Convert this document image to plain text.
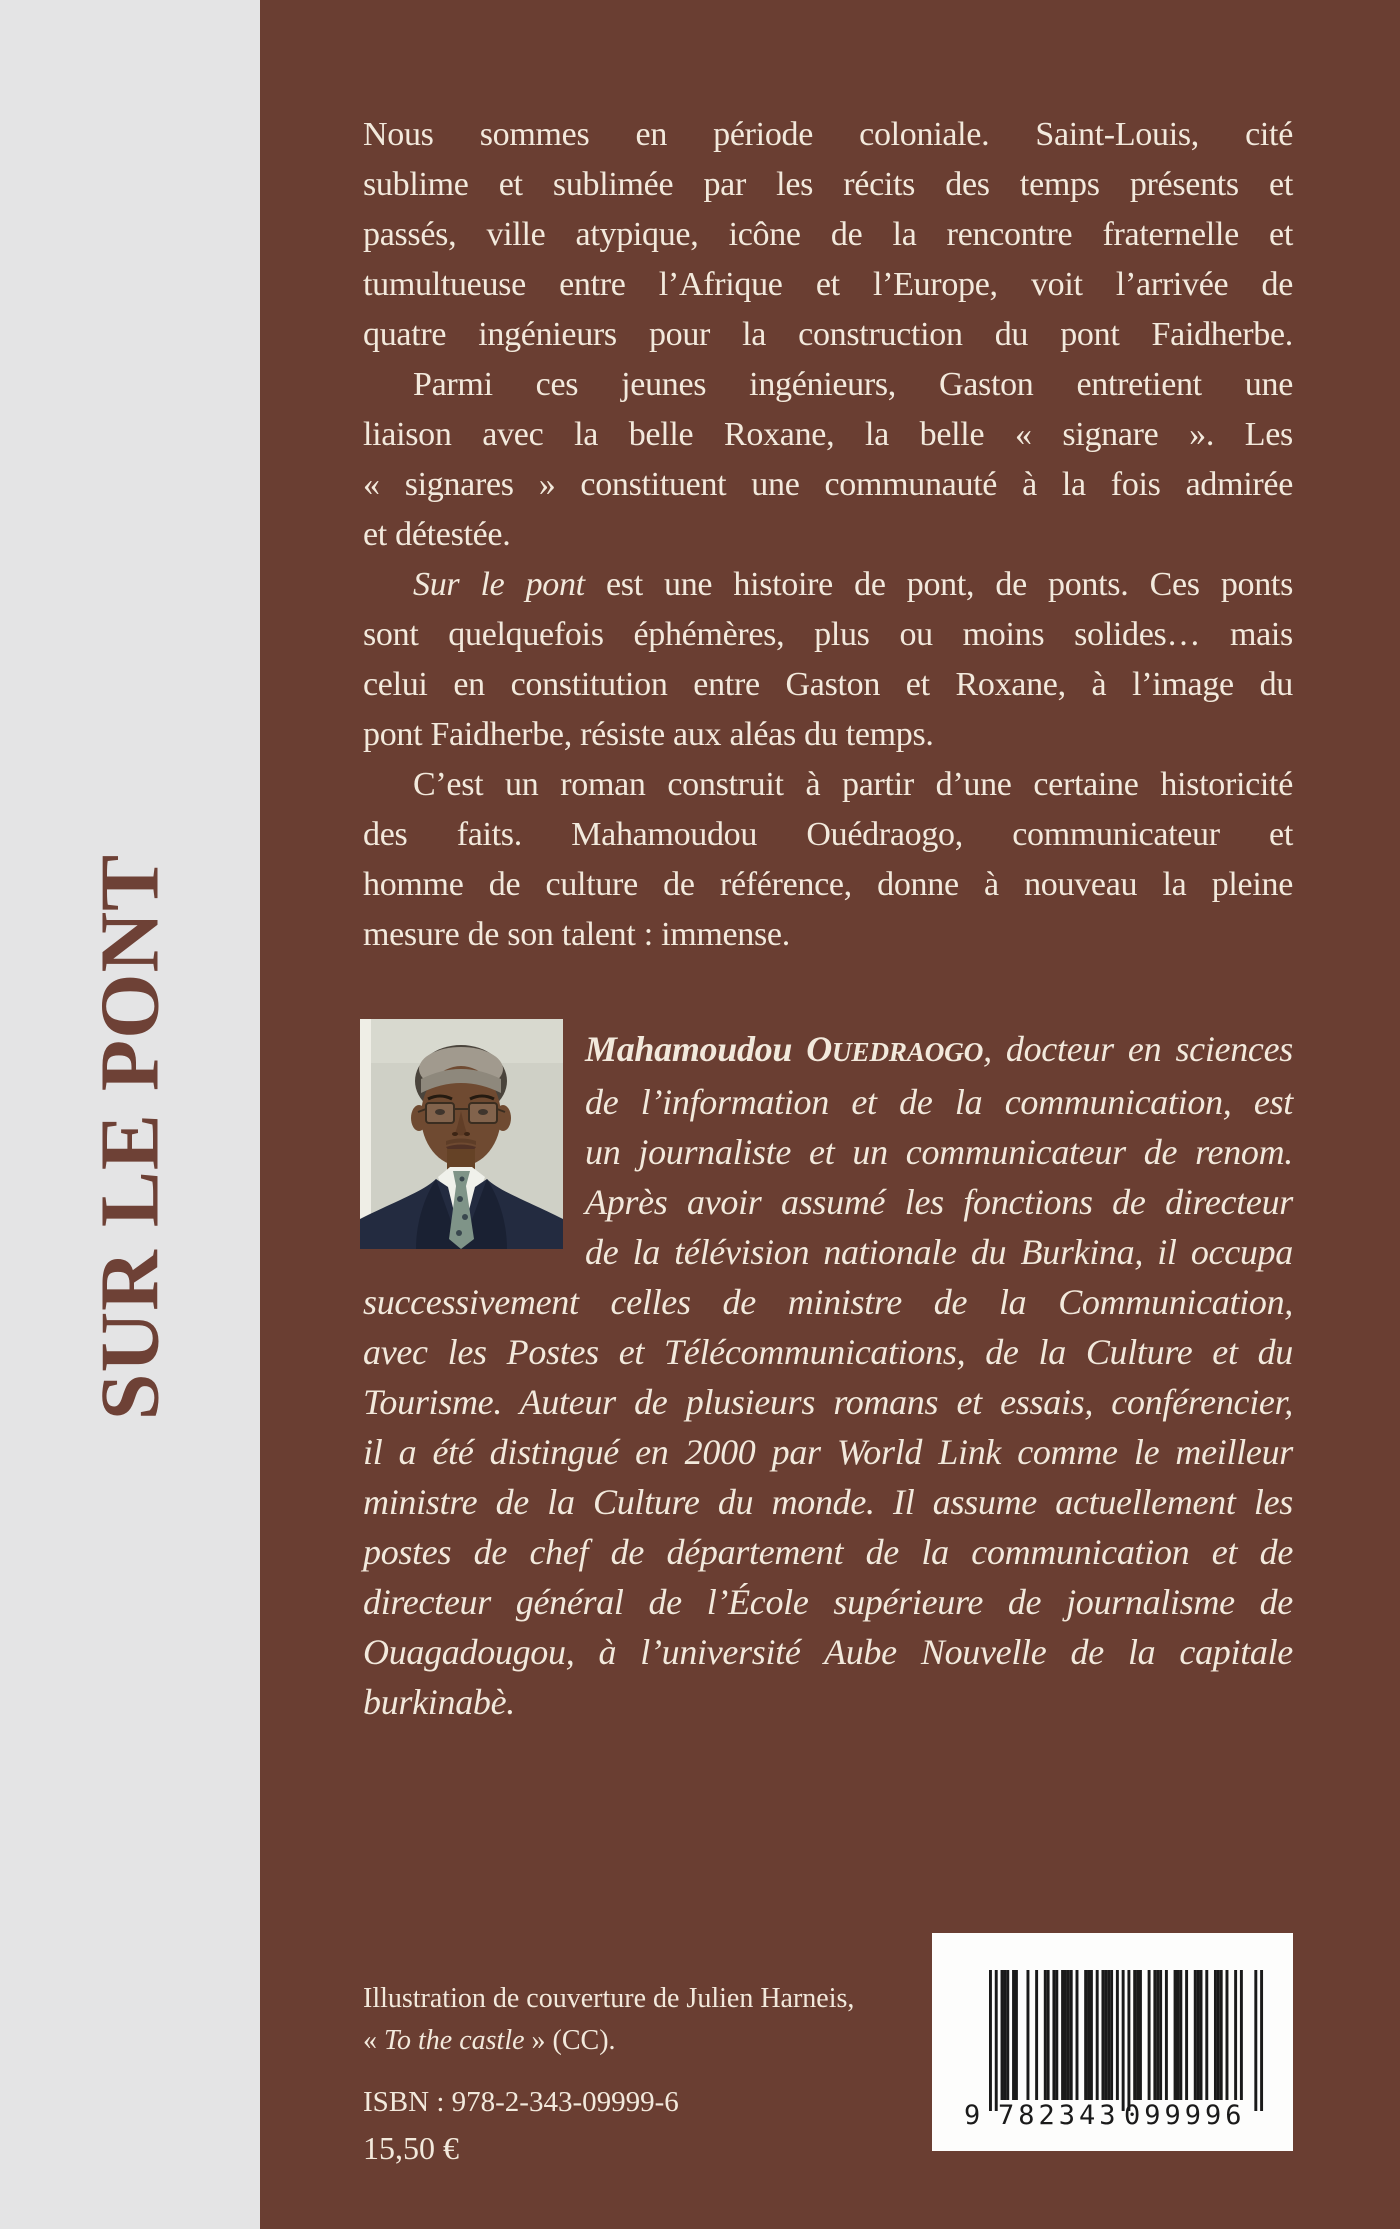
SUR LE PONT
Nous sommes en période coloniale. Saint-Louis, cité
sublime et sublimée par les récits des temps présents et
passés, ville atypique, icône de la rencontre fraternelle et
tumultueuse entre l’Afrique et l’Europe, voit l’arrivée de
quatre ingénieurs pour la construction du pont Faidherbe.
Parmi ces jeunes ingénieurs, Gaston entretient une
liaison avec la belle Roxane, la belle « signare ». Les
« signares » constituent une communauté à la fois admirée
et détestée.
Sur le pont est une histoire de pont, de ponts. Ces ponts
sont quelquefois éphémères, plus ou moins solides… mais
celui en constitution entre Gaston et Roxane, à l’image du
pont Faidherbe, résiste aux aléas du temps.
C’est un roman construit à partir d’une certaine historicité
des faits. Mahamoudou Ouédraogo, communicateur et
homme de culture de référence, donne à nouveau la pleine
mesure de son talent : immense.
Mahamoudou OUEDRAOGO, docteur en sciences
de l’information et de la communication, est
un journaliste et un communicateur de renom.
Après avoir assumé les fonctions de directeur
de la télévision nationale du Burkina, il occupa
successivement celles de ministre de la Communication,
avec les Postes et Télécommunications, de la Culture et du
Tourisme. Auteur de plusieurs romans et essais, conférencier,
il a été distingué en 2000 par World Link comme le meilleur
ministre de la Culture du monde. Il assume actuellement les
postes de chef de département de la communication et de
directeur général de l’École supérieure de journalisme de
Ouagadougou, à l’université Aube Nouvelle de la capitale
burkinabè.
Illustration de couverture de Julien Harneis,
« To the castle » (CC).
ISBN : 978-2-343-09999-6
15,50 €
9 782343 099996
